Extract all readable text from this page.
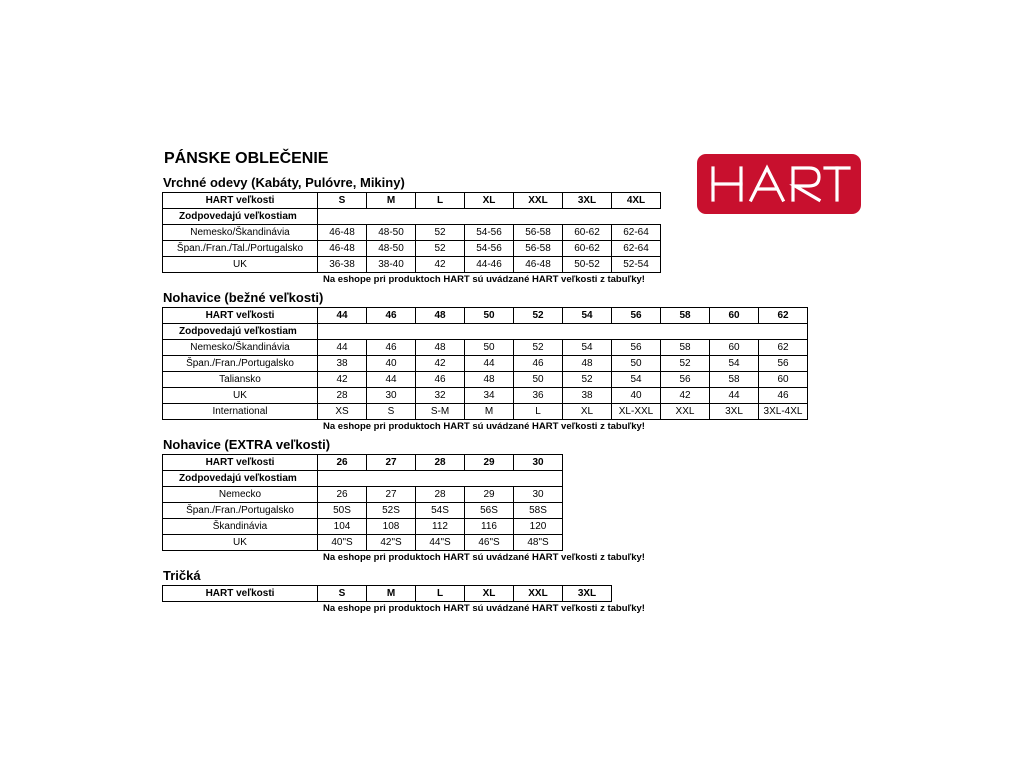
PÁNSKE OBLEČENIE
Vrchné odevy (Kabáty, Pulóvre, Mikiny)
HART veľkosti	S	M	L	XL	XXL	3XL	4XL
Zodpovedajú veľkostiam							
Nemesko/Škandinávia	46-48	48-50	52	54-56	56-58	60-62	62-64
Špan./Fran./Tal./Portugalsko	46-48	48-50	52	54-56	56-58	60-62	62-64
UK	36-38	38-40	42	44-46	46-48	50-52	52-54
Na eshope pri produktoch HART sú uvádzané HART veľkosti z tabuľky!
Nohavice (bežné veľkosti)
HART veľkosti	44	46	48	50	52	54	56	58	60	62
Zodpovedajú veľkostiam										
Nemesko/Škandinávia	44	46	48	50	52	54	56	58	60	62
Špan./Fran./Portugalsko	38	40	42	44	46	48	50	52	54	56
Taliansko	42	44	46	48	50	52	54	56	58	60
UK	28	30	32	34	36	38	40	42	44	46
International	XS	S	S-M	M	L	XL	XL-XXL	XXL	3XL	3XL-4XL
Na eshope pri produktoch HART sú uvádzané HART veľkosti z tabuľky!
Nohavice (EXTRA veľkosti)
HART veľkosti	26	27	28	29	30
Zodpovedajú veľkostiam					
Nemecko	26	27	28	29	30
Špan./Fran./Portugalsko	50S	52S	54S	56S	58S
Škandinávia	104	108	112	116	120
UK	40"S	42"S	44"S	46"S	48"S
Na eshope pri produktoch HART sú uvádzané HART veľkosti z tabuľky!
Tričká
HART veľkosti	S	M	L	XL	XXL	3XL
Na eshope pri produktoch HART sú uvádzané HART veľkosti z tabuľky!
